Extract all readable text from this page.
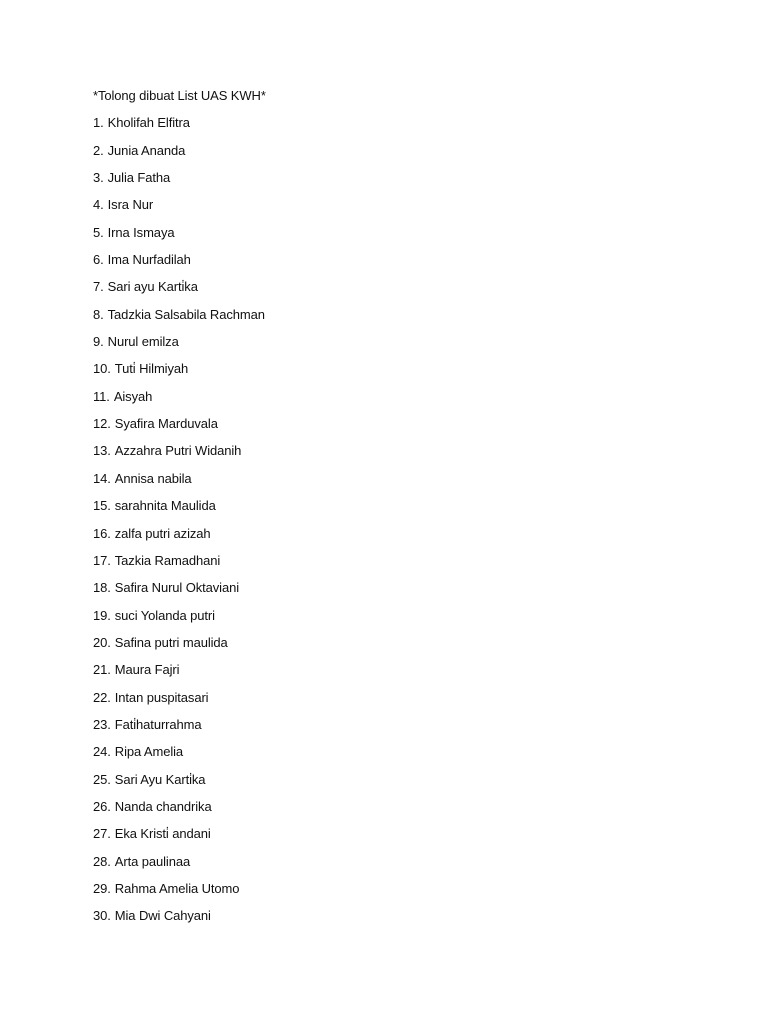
*Tolong dibuat List UAS KWH*
1. Kholifah Elfitra
2. Junia Ananda
3. Julia Fatha
4. Isra Nur
5. Irna Ismaya
6. Ima Nurfadilah
7. Sari ayu Karti̇ka
8. Tadzkia Salsabila Rachman
9. Nurul emilza
10. Tuti̇ Hilmiyah
11. Aisyah
12. Syafira Marduvala
13. Azzahra Putri Widanih
14. Annisa nabila
15. sarahnita Maulida
16. zalfa putri azizah
17. Tazkia Ramadhani
18. Safira Nurul Oktaviani
19. suci Yolanda putri
20. Safina putri maulida
21. Maura Fajri
22. Intan puspitasari
23. Fati̇haturrahma
24. Ripa Amelia
25. Sari Ayu Karti̇ka
26. Nanda chandrika
27. Eka Kristi̇ andani
28. Arta paulinaa
29. Rahma Amelia Utomo
30. Mia Dwi Cahyani
